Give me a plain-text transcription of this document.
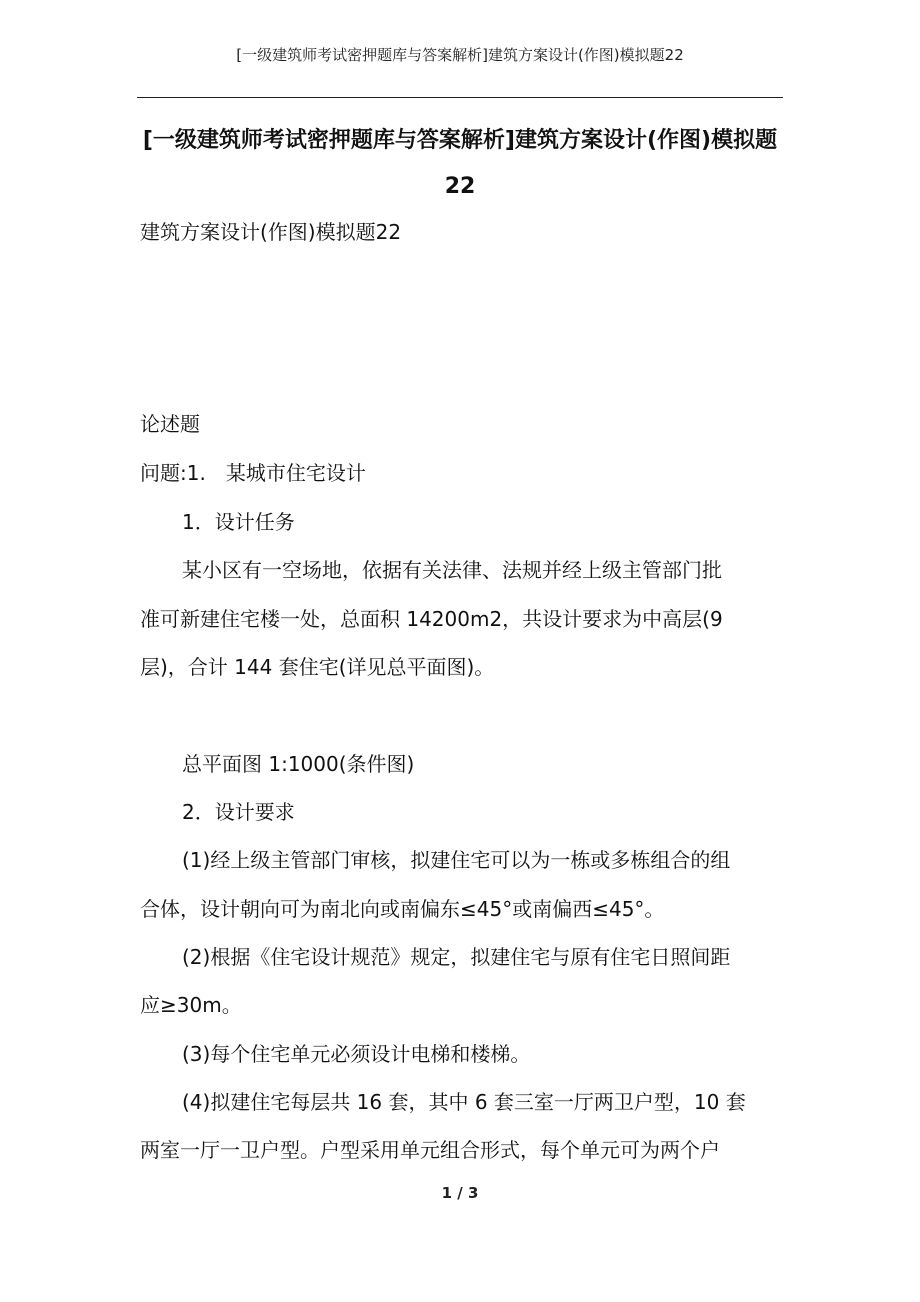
[一级建筑师考试密押题库与答案解析]建筑方案设计(作图)模拟题22
[一级建筑师考试密押题库与答案解析]建筑方案设计(作图)模拟题
22
建筑方案设计(作图)模拟题22
论述题
问题:1.　某城市住宅设计
1．设计任务
某小区有一空场地，依据有关法律、法规并经上级主管部门批
准可新建住宅楼一处，总面积 14200m2，共设计要求为中高层(9
层)，合计 144 套住宅(详见总平面图)。
总平面图 1:1000(条件图)
2．设计要求
(1)经上级主管部门审核，拟建住宅可以为一栋或多栋组合的组
合体，设计朝向可为南北向或南偏东≤45°或南偏西≤45°。
(2)根据《住宅设计规范》规定，拟建住宅与原有住宅日照间距
应≥30m。
(3)每个住宅单元必须设计电梯和楼梯。
(4)拟建住宅每层共 16 套，其中 6 套三室一厅两卫户型，10 套
两室一厅一卫户型。户型采用单元组合形式，每个单元可为两个户
1 / 3
